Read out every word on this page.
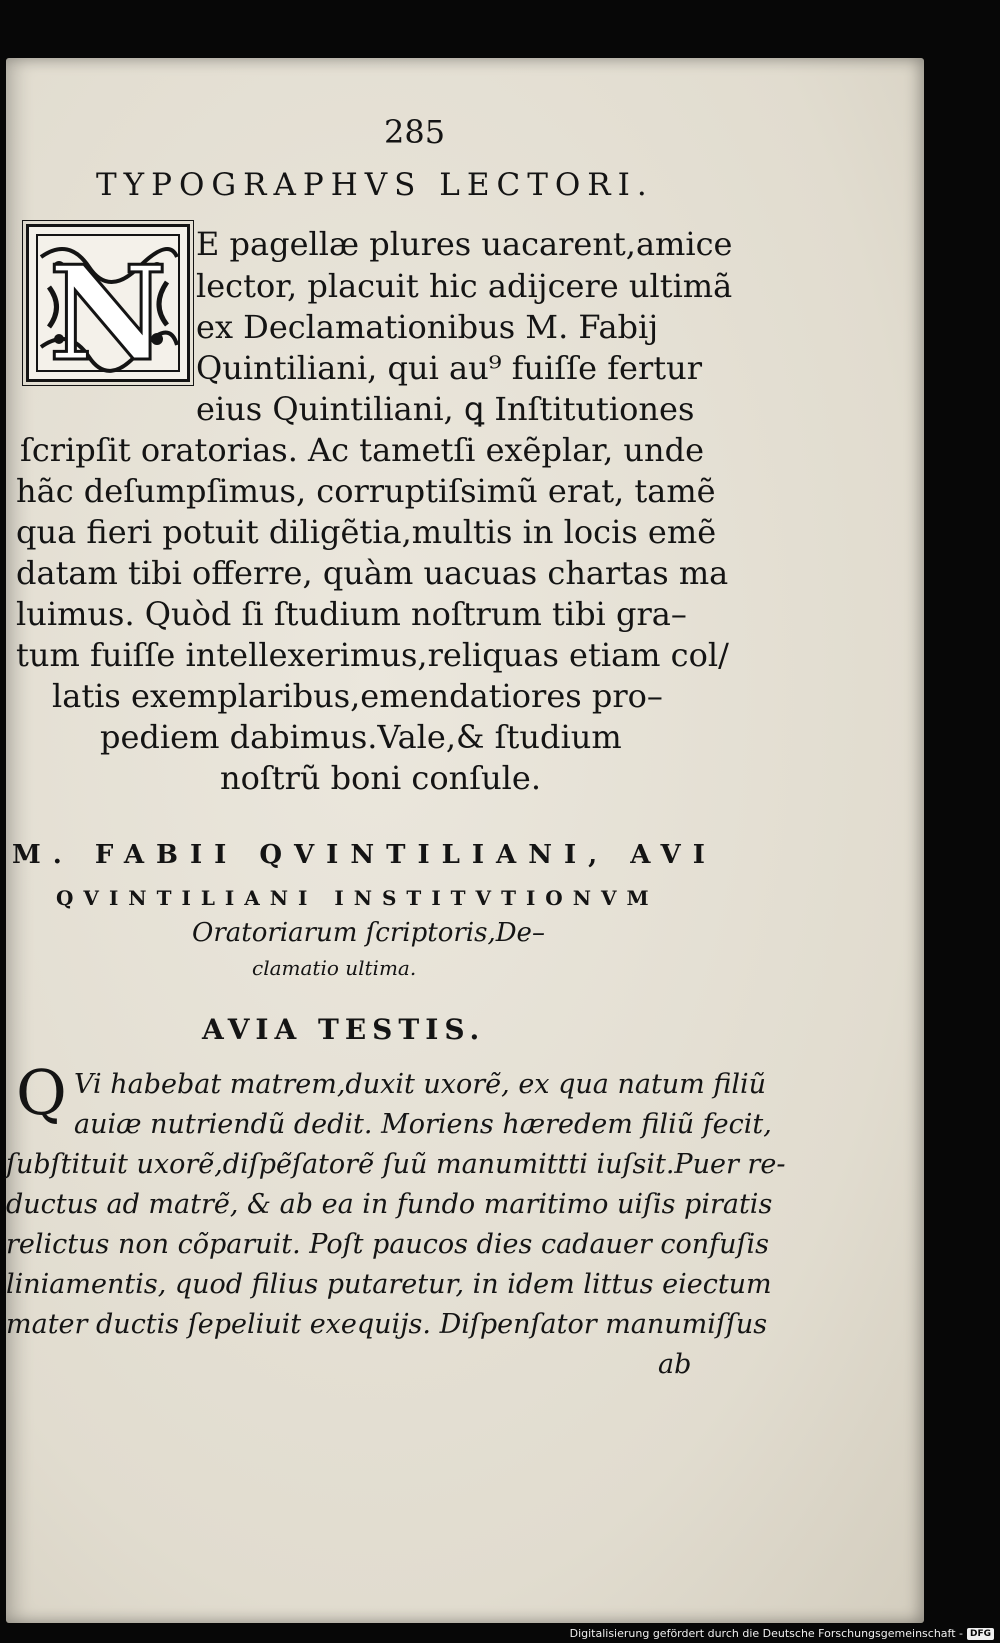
285
TYPOGRAPHVS LECTORI.
N E pagellæ plures uacarent,amice
lector, placuit hic adijcere ultimã
ex Declamationibus M. Fabij
Quintiliani, qui au⁹ fuiſſe fertur
eius Quintiliani, ꝗ Inſtitutiones
ſcripſit oratorias. Ac tametſi exẽplar, unde
hãc deſumpſimus, corruptiſsimũ erat, tamẽ
qua fieri potuit diligẽtia,multis in locis emẽ
datam tibi offerre, quàm uacuas chartas ma
luimus. Quòd ſi ſtudium noſtrum tibi gra–
tum fuiſſe intellexerimus,reliquas etiam col/
latis exemplaribus,emendatiores pro–
pediem dabimus.Vale,& ſtudium
noſtrũ boni conſule.
M. FABII QVINTILIANI, AVI
QVINTILIANI INSTITVTIONVM
Oratoriarum ſcriptoris,De–
clamatio ultima.
AVIA TESTIS.
Q Vi habebat matrem,duxit uxorẽ, ex qua natum filiũ
auiæ nutriendũ dedit. Moriens hæredem filiũ fecit,
ſubſtituit uxorẽ,diſpẽſatorẽ ſuũ manumittti iuſsit.Puer re-
ductus ad matrẽ, & ab ea in fundo maritimo uiſis piratis
relictus non cõparuit. Poſt paucos dies cadauer confuſis
liniamentis, quod filius putaretur, in idem littus eiectum
mater ductis ſepeliuit exequijs. Diſpenſator manumiſſus
ab
Digitalisierung gefördert durch die Deutsche Forschungsgemeinschaft - DFG
